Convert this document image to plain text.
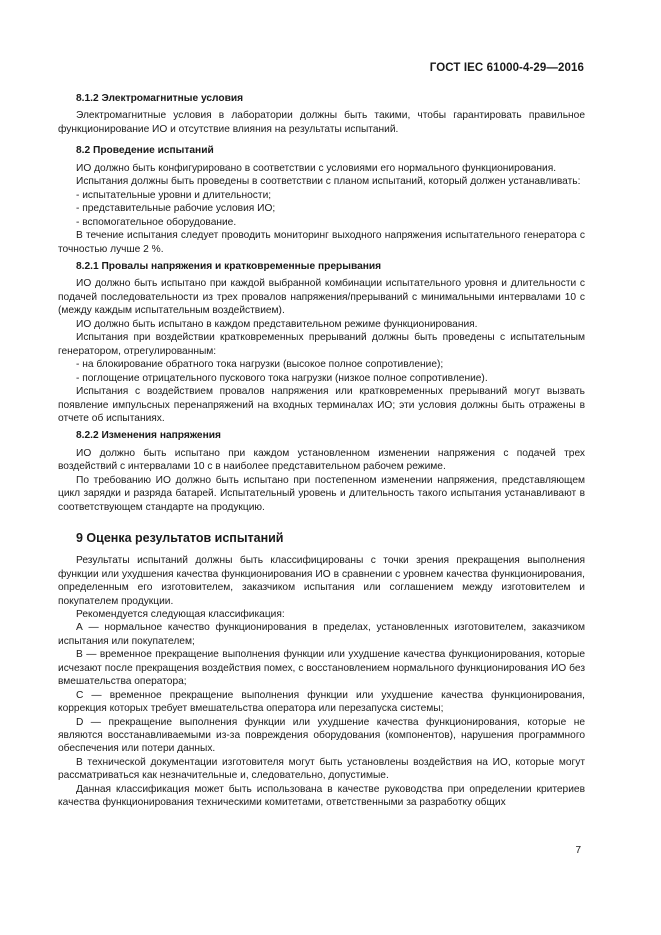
ГОСТ IEC 61000-4-29—2016

8.1.2 Электромагнитные условия

Электромагнитные условия в лаборатории должны быть такими, чтобы гарантировать правильное функционирование ИО и отсутствие влияния на результаты испытаний.

8.2 Проведение испытаний

ИО должно быть конфигурировано в соответствии с условиями его нормального функционирования.

Испытания должны быть проведены в соответствии с планом испытаний, который должен устанавливать:

- испытательные уровни и длительности;

- представительные рабочие условия ИО;

- вспомогательное оборудование.

В течение испытания следует проводить мониторинг выходного напряжения испытательного генератора с точностью лучше 2 %.

8.2.1 Провалы напряжения и кратковременные прерывания

ИО должно быть испытано при каждой выбранной комбинации испытательного уровня и длительности с подачей последовательности из трех провалов напряжения/прерываний с минимальными интервалами 10 с (между каждым испытательным воздействием).

ИО должно быть испытано в каждом представительном режиме функционирования.

Испытания при воздействии кратковременных прерываний должны быть проведены с испытательным генератором, отрегулированным:

- на блокирование обратного тока нагрузки (высокое полное сопротивление);

- поглощение отрицательного пускового тока нагрузки (низкое полное сопротивление).

Испытания с воздействием провалов напряжения или кратковременных прерываний могут вызвать появление импульсных перенапряжений на входных терминалах ИО; эти условия должны быть отражены в отчете об испытаниях.

8.2.2 Изменения напряжения

ИО должно быть испытано при каждом установленном изменении напряжения с подачей трех воздействий с интервалами 10 с в наиболее представительном рабочем режиме.

По требованию ИО должно быть испытано при постепенном изменении напряжения, представляющем цикл зарядки и разряда батарей. Испытательный уровень и длительность такого испытания устанавливают в соответствующем стандарте на продукцию.

9 Оценка результатов испытаний

Результаты испытаний должны быть классифицированы с точки зрения прекращения выполнения функции или ухудшения качества функционирования ИО в сравнении с уровнем качества функционирования, определенным его изготовителем, заказчиком испытания или соглашением между изготовителем и покупателем продукции.

Рекомендуется следующая классификация:

А — нормальное качество функционирования в пределах, установленных изготовителем, заказчиком испытания или покупателем;

В — временное прекращение выполнения функции или ухудшение качества функционирования, которые исчезают после прекращения воздействия помех, с восстановлением нормального функционирования ИО без вмешательства оператора;

С — временное прекращение выполнения функции или ухудшение качества функционирования, коррекция которых требует вмешательства оператора или перезапуска системы;

D — прекращение выполнения функции или ухудшение качества функционирования, которые не являются восстанавливаемыми из-за повреждения оборудования (компонентов), нарушения программного обеспечения или потери данных.

В технической документации изготовителя могут быть установлены воздействия на ИО, которые могут рассматриваться как незначительные и, следовательно, допустимые.

Данная классификация может быть использована в качестве руководства при определении критериев качества функционирования техническими комитетами, ответственными за разработку общих

7
